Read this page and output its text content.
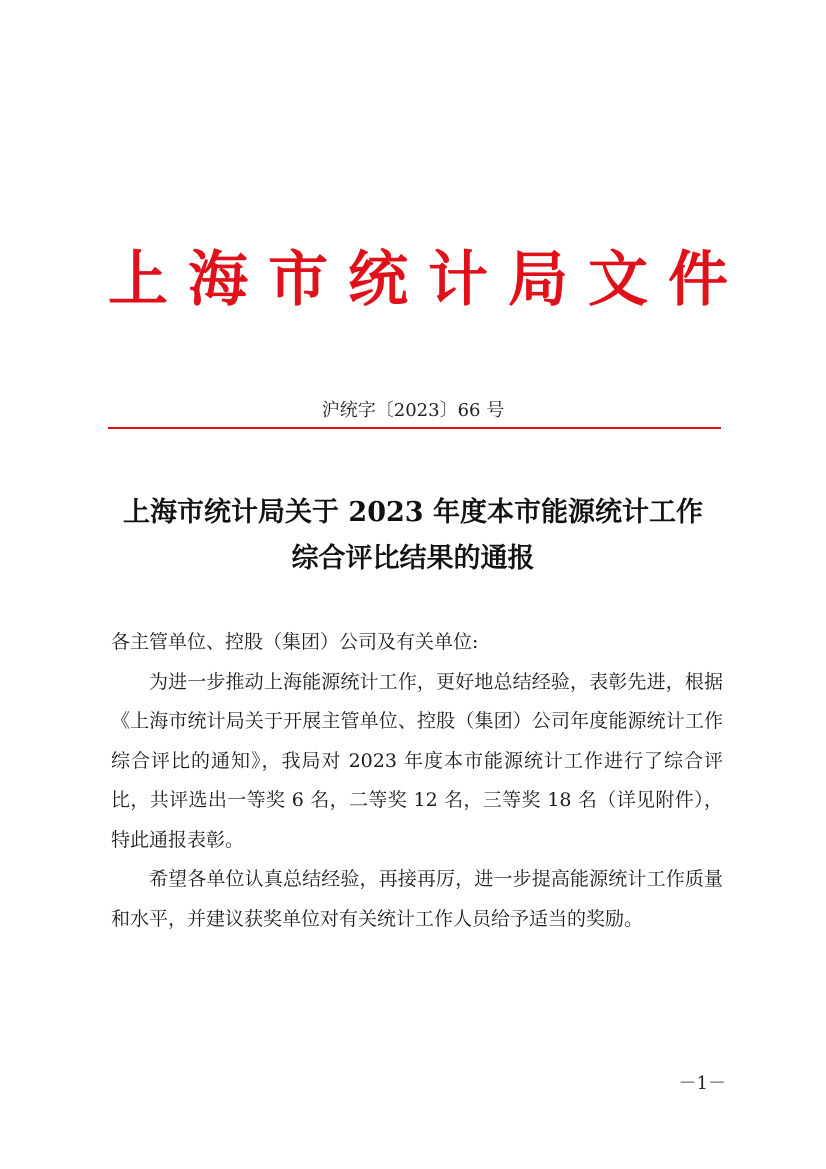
上 海 市 统 计 局 文 件
沪统字〔2023〕66 号
上海市统计局关于 2023 年度本市能源统计工作
综合评比结果的通报

各主管单位、控股（集团）公司及有关单位:

为进一步推动上海能源统计工作，更好地总结经验，表彰先进，根据《上海市统计局关于开展主管单位、控股（集团）公司年度能源统计工作综合评比的通知》，我局对 2023 年度本市能源统计工作进行了综合评比，共评选出一等奖 6 名，二等奖 12 名，三等奖 18 名（详见附件），特此通报表彰。

希望各单位认真总结经验，再接再厉，进一步提高能源统计工作质量和水平，并建议获奖单位对有关统计工作人员给予适当的奖励。

－1－
